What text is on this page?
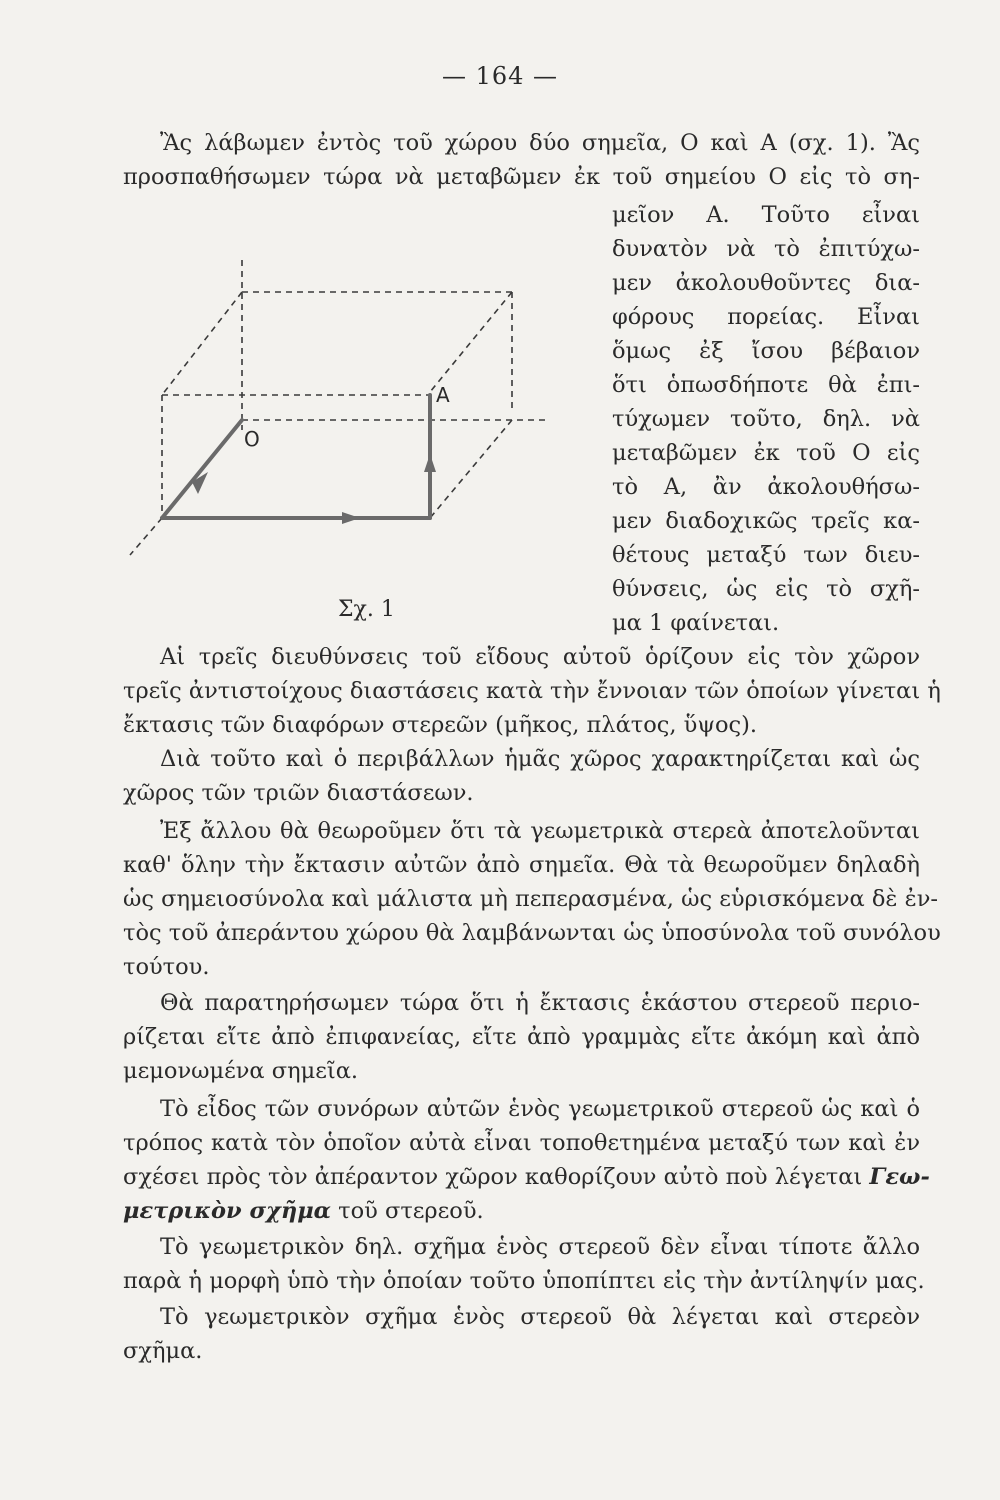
— 164 —
Ἂς λάβωμεν ἐντὸς τοῦ χώρου δύο σημεῖα, Ο καὶ Α (σχ. 1). Ἂς
προσπαθήσωμεν τώρα νὰ μεταβῶμεν ἐκ τοῦ σημείου Ο εἰς τὸ ση-
μεῖον Α. Τοῦτο εἶναι
δυνατὸν νὰ τὸ ἐπιτύχω-
μεν ἀκολουθοῦντες δια-
φόρους πορείας. Εἶναι
ὅμως ἐξ ἴσου βέβαιον
ὅτι ὁπωσδήποτε θὰ ἐπι-
τύχωμεν τοῦτο, δηλ. νὰ
μεταβῶμεν ἐκ τοῦ Ο εἰς
τὸ Α, ἂν ἀκολουθήσω-
μεν διαδοχικῶς τρεῖς κα-
θέτους μεταξύ των διευ-
θύνσεις, ὡς εἰς τὸ σχῆ-
μα 1 φαίνεται.
Ο
Α
Σχ. 1
Αἱ τρεῖς διευθύνσεις τοῦ εἴδους αὐτοῦ ὁρίζουν εἰς τὸν χῶρον
τρεῖς ἀντιστοίχους διαστάσεις κατὰ τὴν ἔννοιαν τῶν ὁποίων γίνεται ἡ
ἔκτασις τῶν διαφόρων στερεῶν (μῆκος, πλάτος, ὕψος).
Διὰ τοῦτο καὶ ὁ περιβάλλων ἡμᾶς χῶρος χαρακτηρίζεται καὶ ὡς
χῶρος τῶν τριῶν διαστάσεων.
Ἐξ ἄλλου θὰ θεωροῦμεν ὅτι τὰ γεωμετρικὰ στερεὰ ἀποτελοῦνται
καθ' ὅλην τὴν ἔκτασιν αὐτῶν ἀπὸ σημεῖα. Θὰ τὰ θεωροῦμεν δηλαδὴ
ὡς σημειοσύνολα καὶ μάλιστα μὴ πεπερασμένα, ὡς εὑρισκόμενα δὲ ἐν-
τὸς τοῦ ἀπεράντου χώρου θὰ λαμβάνωνται ὡς ὑποσύνολα τοῦ συνόλου
τούτου.
Θὰ παρατηρήσωμεν τώρα ὅτι ἡ ἔκτασις ἑκάστου στερεοῦ περιο-
ρίζεται εἴτε ἀπὸ ἐπιφανείας, εἴτε ἀπὸ γραμμὰς εἴτε ἀκόμη καὶ ἀπὸ
μεμονωμένα σημεῖα.
Τὸ εἶδος τῶν συνόρων αὐτῶν ἑνὸς γεωμετρικοῦ στερεοῦ ὡς καὶ ὁ
τρόπος κατὰ τὸν ὁποῖον αὐτὰ εἶναι τοποθετημένα μεταξύ των καὶ ἐν
σχέσει πρὸς τὸν ἀπέραντον χῶρον καθορίζουν αὐτὸ ποὺ λέγεται Γεω-
μετρικὸν σχῆμα τοῦ στερεοῦ.
Τὸ γεωμετρικὸν δηλ. σχῆμα ἑνὸς στερεοῦ δὲν εἶναι τίποτε ἄλλο
παρὰ ἡ μορφὴ ὑπὸ τὴν ὁποίαν τοῦτο ὑποπίπτει εἰς τὴν ἀντίληψίν μας.
Τὸ γεωμετρικὸν σχῆμα ἑνὸς στερεοῦ θὰ λέγεται καὶ στερεὸν
σχῆμα.
